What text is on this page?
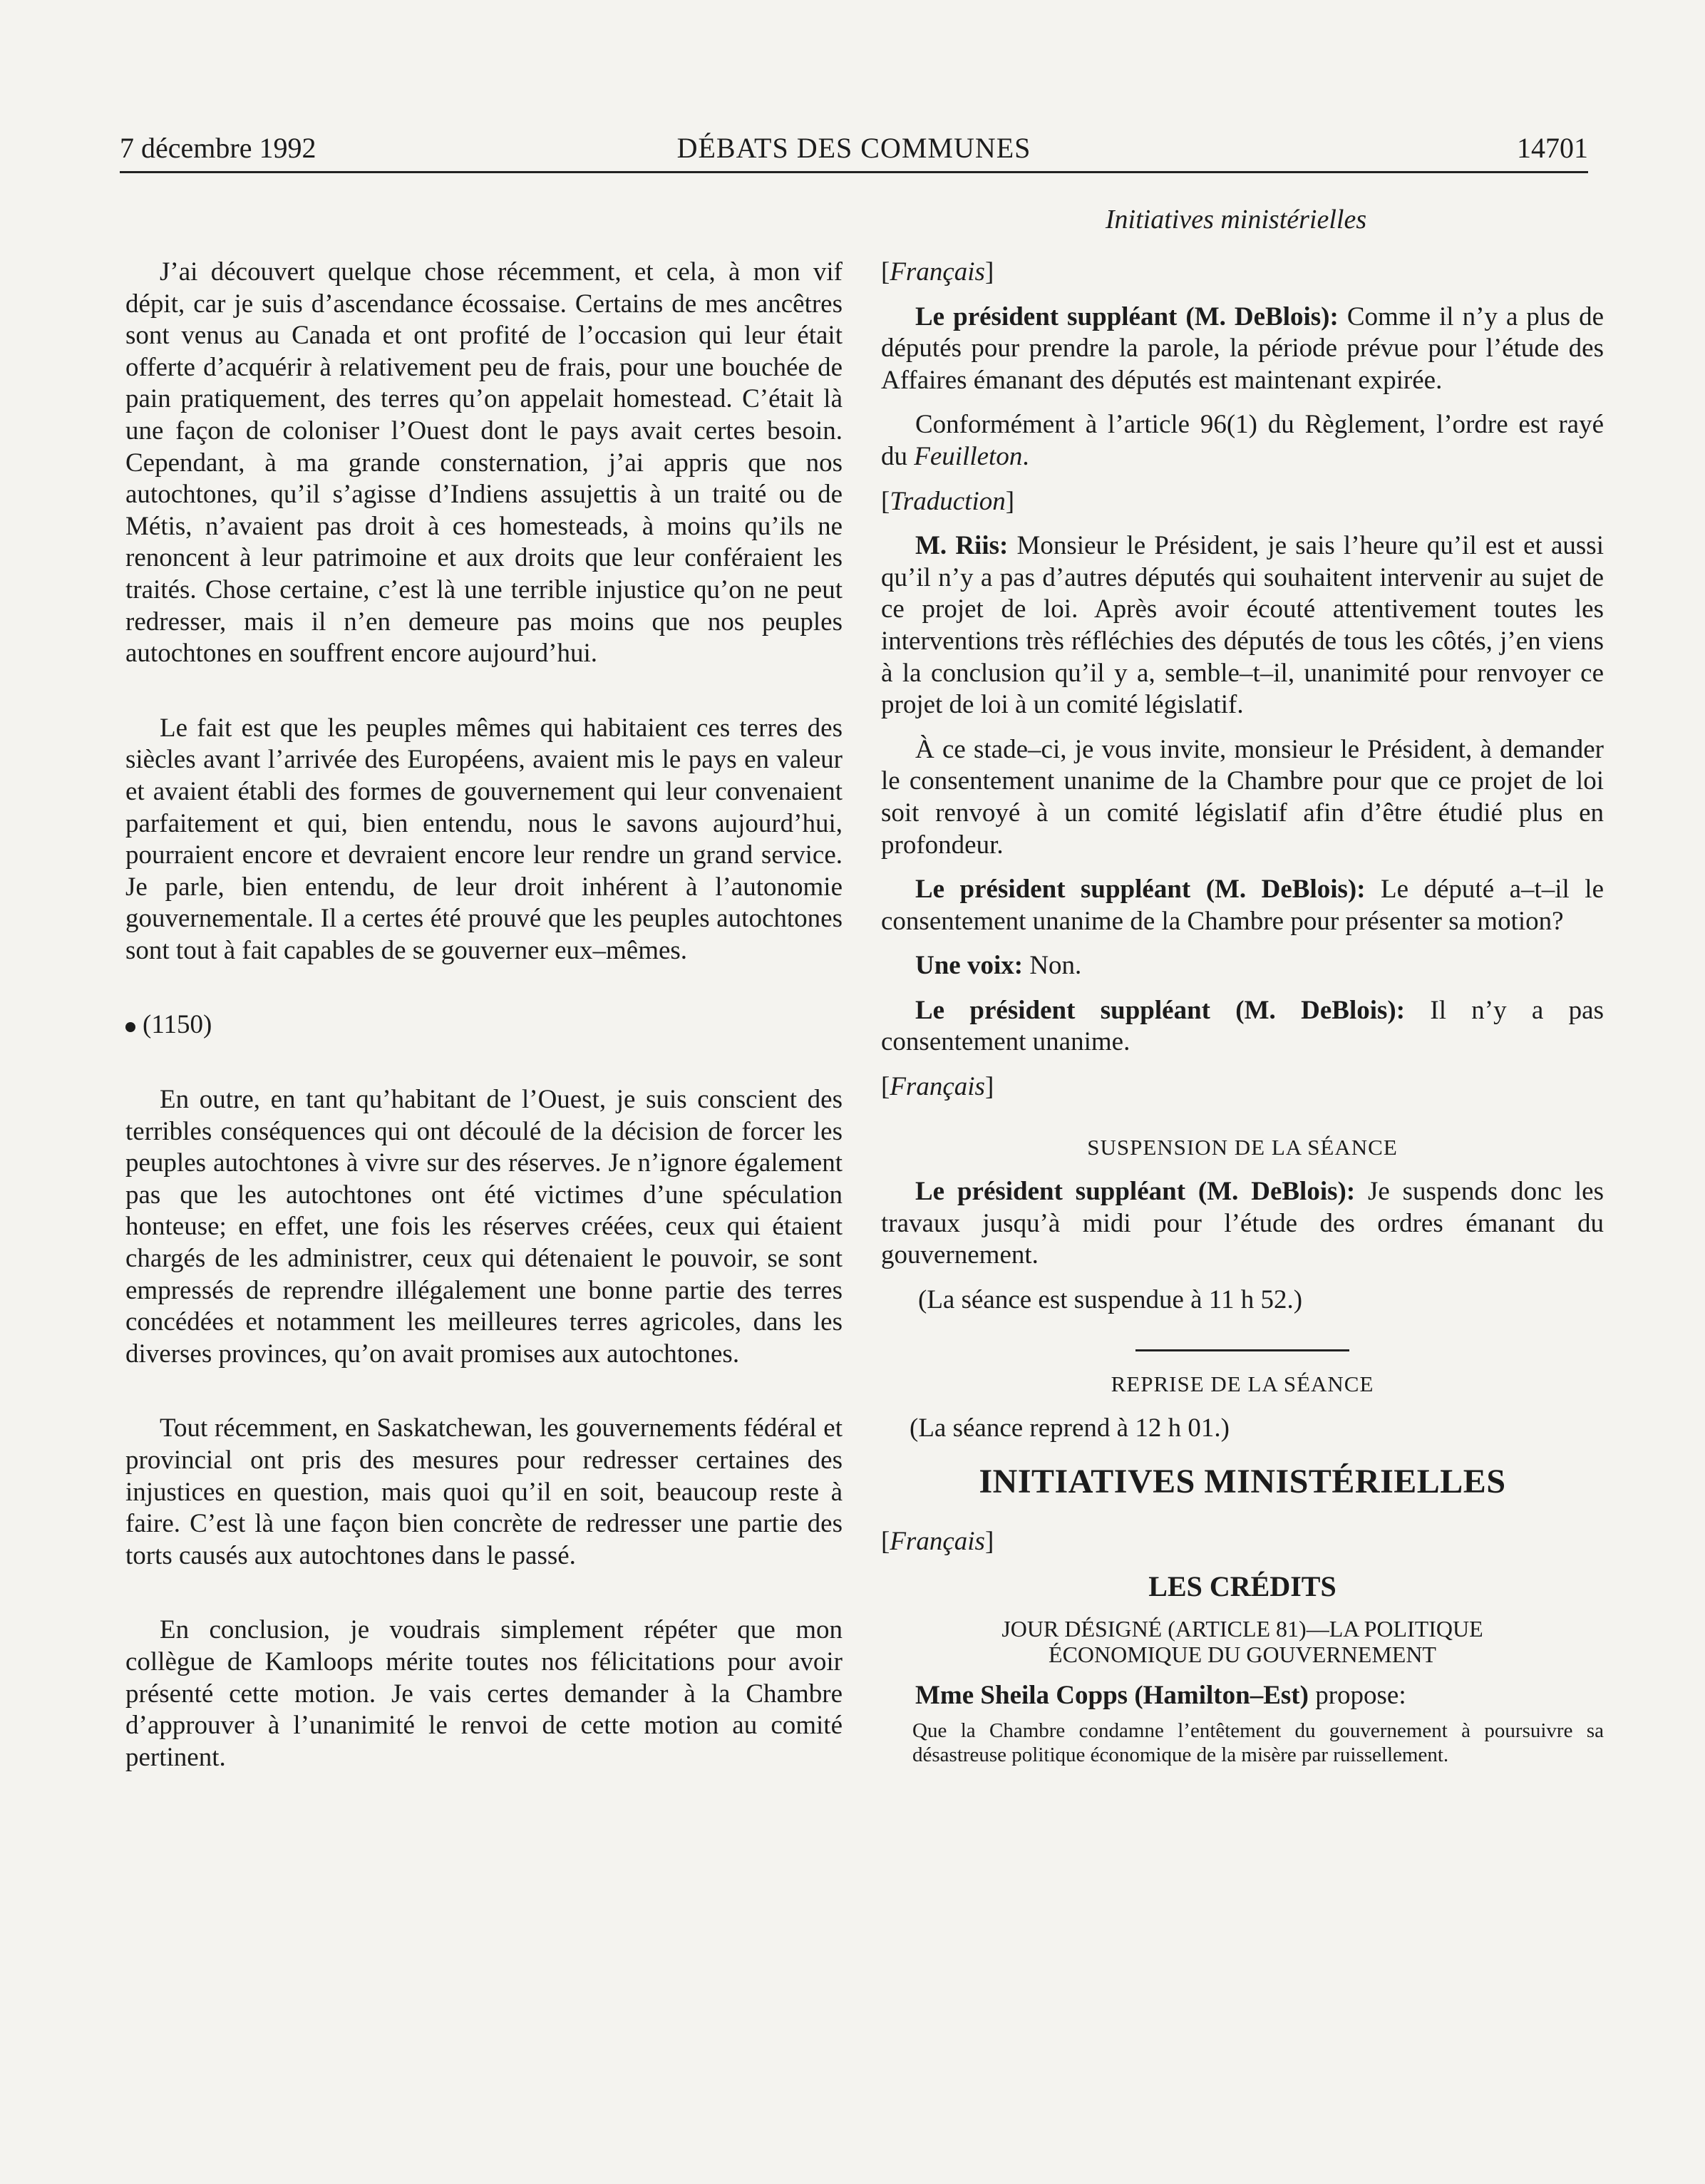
7 décembre 1992	DÉBATS DES COMMUNES	14701
Initiatives ministérielles

J’ai découvert quelque chose récemment, et cela, à mon vif dépit, car je suis d’ascendance écossaise. Certains de mes ancêtres sont venus au Canada et ont profité de l’occasion qui leur était offerte d’acquérir à relativement peu de frais, pour une bouchée de pain pratiquement, des terres qu’on appelait homestead. C’était là une façon de coloniser l’Ouest dont le pays avait certes besoin. Cependant, à ma grande consternation, j’ai appris que nos autochtones, qu’il s’agisse d’Indiens assujettis à un traité ou de Métis, n’avaient pas droit à ces homesteads, à moins qu’ils ne renoncent à leur patrimoine et aux droits que leur conféraient les traités. Chose certaine, c’est là une terrible injustice qu’on ne peut redresser, mais il n’en demeure pas moins que nos peuples autochtones en souffrent encore aujourd’hui.

Le fait est que les peuples mêmes qui habitaient ces terres des siècles avant l’arrivée des Européens, avaient mis le pays en valeur et avaient établi des formes de gouvernement qui leur convenaient parfaitement et qui, bien entendu, nous le savons aujourd’hui, pourraient encore et devraient encore leur rendre un grand service. Je parle, bien entendu, de leur droit inhérent à l’autonomie gouvernementale. Il a certes été prouvé que les peuples autochtones sont tout à fait capables de se gouverner eux–mêmes.

(1150)

En outre, en tant qu’habitant de l’Ouest, je suis conscient des terribles conséquences qui ont découlé de la décision de forcer les peuples autochtones à vivre sur des réserves. Je n’ignore également pas que les autochtones ont été victimes d’une spéculation honteuse; en effet, une fois les réserves créées, ceux qui étaient chargés de les administrer, ceux qui détenaient le pouvoir, se sont empressés de reprendre illégalement une bonne partie des terres concédées et notamment les meilleures terres agricoles, dans les diverses provinces, qu’on avait promises aux autochtones.

Tout récemment, en Saskatchewan, les gouvernements fédéral et provincial ont pris des mesures pour redresser certaines des injustices en question, mais quoi qu’il en soit, beaucoup reste à faire. C’est là une façon bien concrète de redresser une partie des torts causés aux autochtones dans le passé.

En conclusion, je voudrais simplement répéter que mon collègue de Kamloops mérite toutes nos félicitations pour avoir présenté cette motion. Je vais certes demander à la Chambre d’approuver à l’unanimité le renvoi de cette motion au comité pertinent.

[Français]

Le président suppléant (M. DeBlois): Comme il n’y a plus de députés pour prendre la parole, la période prévue pour l’étude des Affaires émanant des députés est maintenant expirée.

Conformément à l’article 96(1) du Règlement, l’ordre est rayé du Feuilleton.

[Traduction]

M. Riis: Monsieur le Président, je sais l’heure qu’il est et aussi qu’il n’y a pas d’autres députés qui souhaitent intervenir au sujet de ce projet de loi. Après avoir écouté attentivement toutes les interventions très réfléchies des députés de tous les côtés, j’en viens à la conclusion qu’il y a, semble–t–il, unanimité pour renvoyer ce projet de loi à un comité législatif.

À ce stade–ci, je vous invite, monsieur le Président, à demander le consentement unanime de la Chambre pour que ce projet de loi soit renvoyé à un comité législatif afin d’être étudié plus en profondeur.

Le président suppléant (M. DeBlois): Le député a–t–il le consentement unanime de la Chambre pour présenter sa motion?

Une voix: Non.

Le président suppléant (M. DeBlois): Il n’y a pas consentement unanime.

[Français]

SUSPENSION DE LA SÉANCE

Le président suppléant (M. DeBlois): Je suspends donc les travaux jusqu’à midi pour l’étude des ordres émanant du gouvernement.

(La séance est suspendue à 11 h 52.)

REPRISE DE LA SÉANCE

(La séance reprend à 12 h 01.)

INITIATIVES MINISTÉRIELLES

[Français]

LES CRÉDITS

JOUR DÉSIGNÉ (ARTICLE 81)—LA POLITIQUE

ÉCONOMIQUE DU GOUVERNEMENT

Mme Sheila Copps (Hamilton–Est) propose:

Que la Chambre condamne l’entêtement du gouvernement à poursuivre sa désastreuse politique économique de la misère par ruissellement.
